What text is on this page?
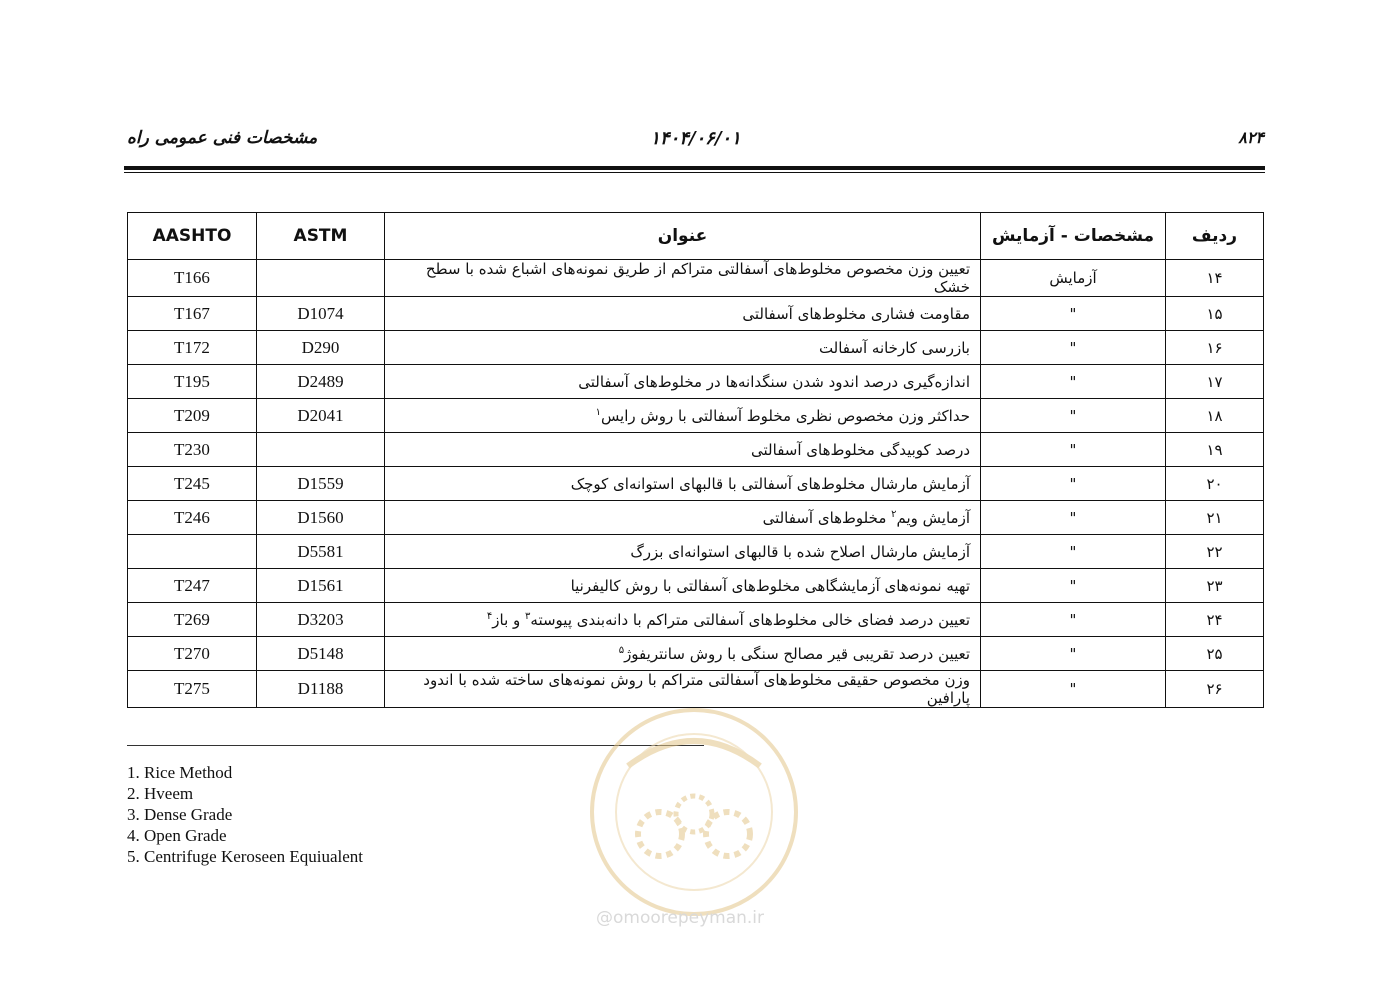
مشخصات فنی عمومی راه	۱۴۰۴/۰۶/۰۱	۸۲۴
ردیف	مشخصات - آزمایش	عنوان	ASTM	AASHTO
۱۴	آزمایش	تعیین وزن مخصوص مخلوط‌های آسفالتی متراکم از طریق نمونه‌های اشباع شده با سطح خشک		T166
۱۵	"	مقاومت فشاری مخلوط‌های آسفالتی	D1074	T167
۱۶	"	بازرسی کارخانه آسفالت	D290	T172
۱۷	"	اندازه‌گیری درصد اندود شدن سنگدانه‌ها در مخلوط‌های آسفالتی	D2489	T195
۱۸	"	حداکثر وزن مخصوص نظری مخلوط آسفالتی با روش رایس$^۱$	D2041	T209
۱۹	"	درصد کوبیدگی مخلوط‌های آسفالتی		T230
۲۰	"	آزمایش مارشال مخلوط‌های آسفالتی با قالبهای استوانه‌ای کوچک	D1559	T245
۲۱	"	آزمایش ویم$^۲$ مخلوط‌های آسفالتی	D1560	T246
۲۲	"	آزمایش مارشال اصلاح شده با قالبهای استوانه‌ای بزرگ	D5581	
۲۳	"	تهیه نمونه‌های آزمایشگاهی مخلوط‌های آسفالتی با روش کالیفرنیا	D1561	T247
۲۴	"	تعیین درصد فضای خالی مخلوط‌های آسفالتی متراکم با دانه‌بندی پیوسته$^۳$ و باز$^۴$	D3203	T269
۲۵	"	تعیین درصد تقریبی قیر مصالح سنگی با روش سانتریفوژ$^۵$	D5148	T270
۲۶	"	وزن مخصوص حقیقی مخلوط‌های آسفالتی متراکم با روش نمونه‌های ساخته شده با اندود پارافین	D1188	T275
1. Rice Method
2. Hveem
3. Dense Grade
4. Open Grade
5. Centrifuge Keroseen Equiualent
@omoorepeyman.ir
